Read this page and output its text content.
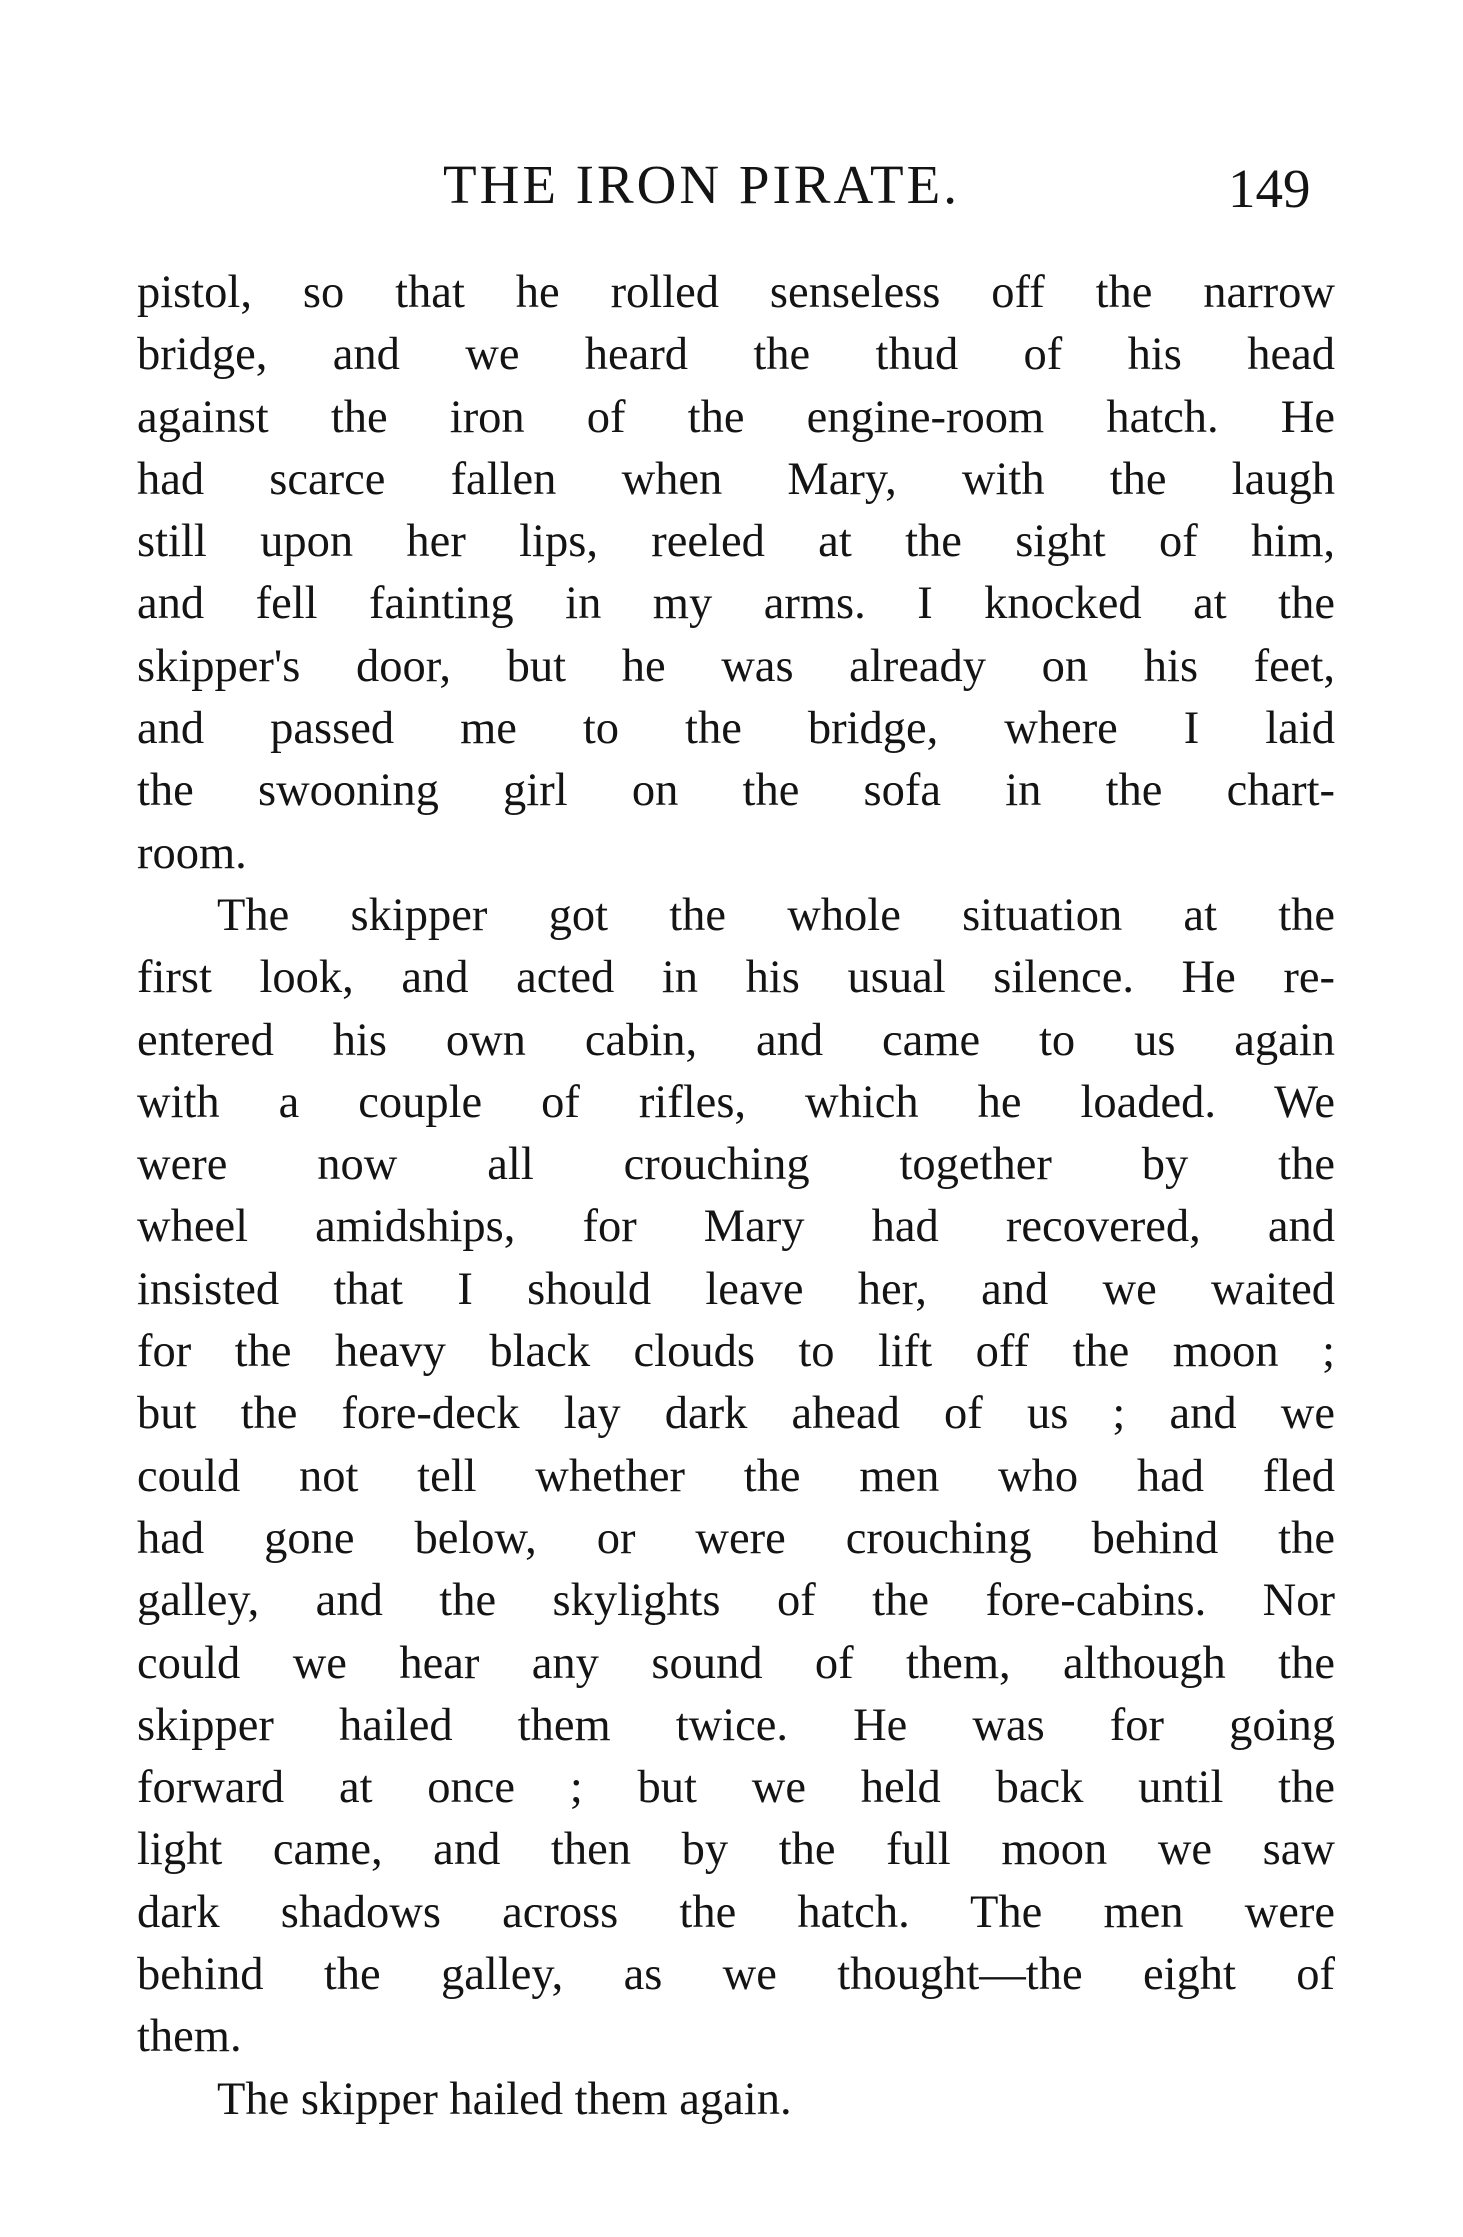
THE IRON PIRATE.	149
pistol, so that he rolled senseless off the narrow
bridge, and we heard the thud of his head
against the iron of the engine-room hatch. He
had scarce fallen when Mary, with the laugh
still upon her lips, reeled at the sight of him,
and fell fainting in my arms. I knocked at the
skipper's door, but he was already on his feet,
and passed me to the bridge, where I laid
the swooning girl on the sofa in the chart-
room.
The skipper got the whole situation at the
first look, and acted in his usual silence. He re-
entered his own cabin, and came to us again
with a couple of rifles, which he loaded. We
were now all crouching together by the
wheel amidships, for Mary had recovered, and
insisted that I should leave her, and we waited
for the heavy black clouds to lift off the moon ;
but the fore-deck lay dark ahead of us ; and we
could not tell whether the men who had fled
had gone below, or were crouching behind the
galley, and the skylights of the fore-cabins. Nor
could we hear any sound of them, although the
skipper hailed them twice. He was for going
forward at once ; but we held back until the
light came, and then by the full moon we saw
dark shadows across the hatch. The men were
behind the galley, as we thought—the eight of
them.
The skipper hailed them again.
